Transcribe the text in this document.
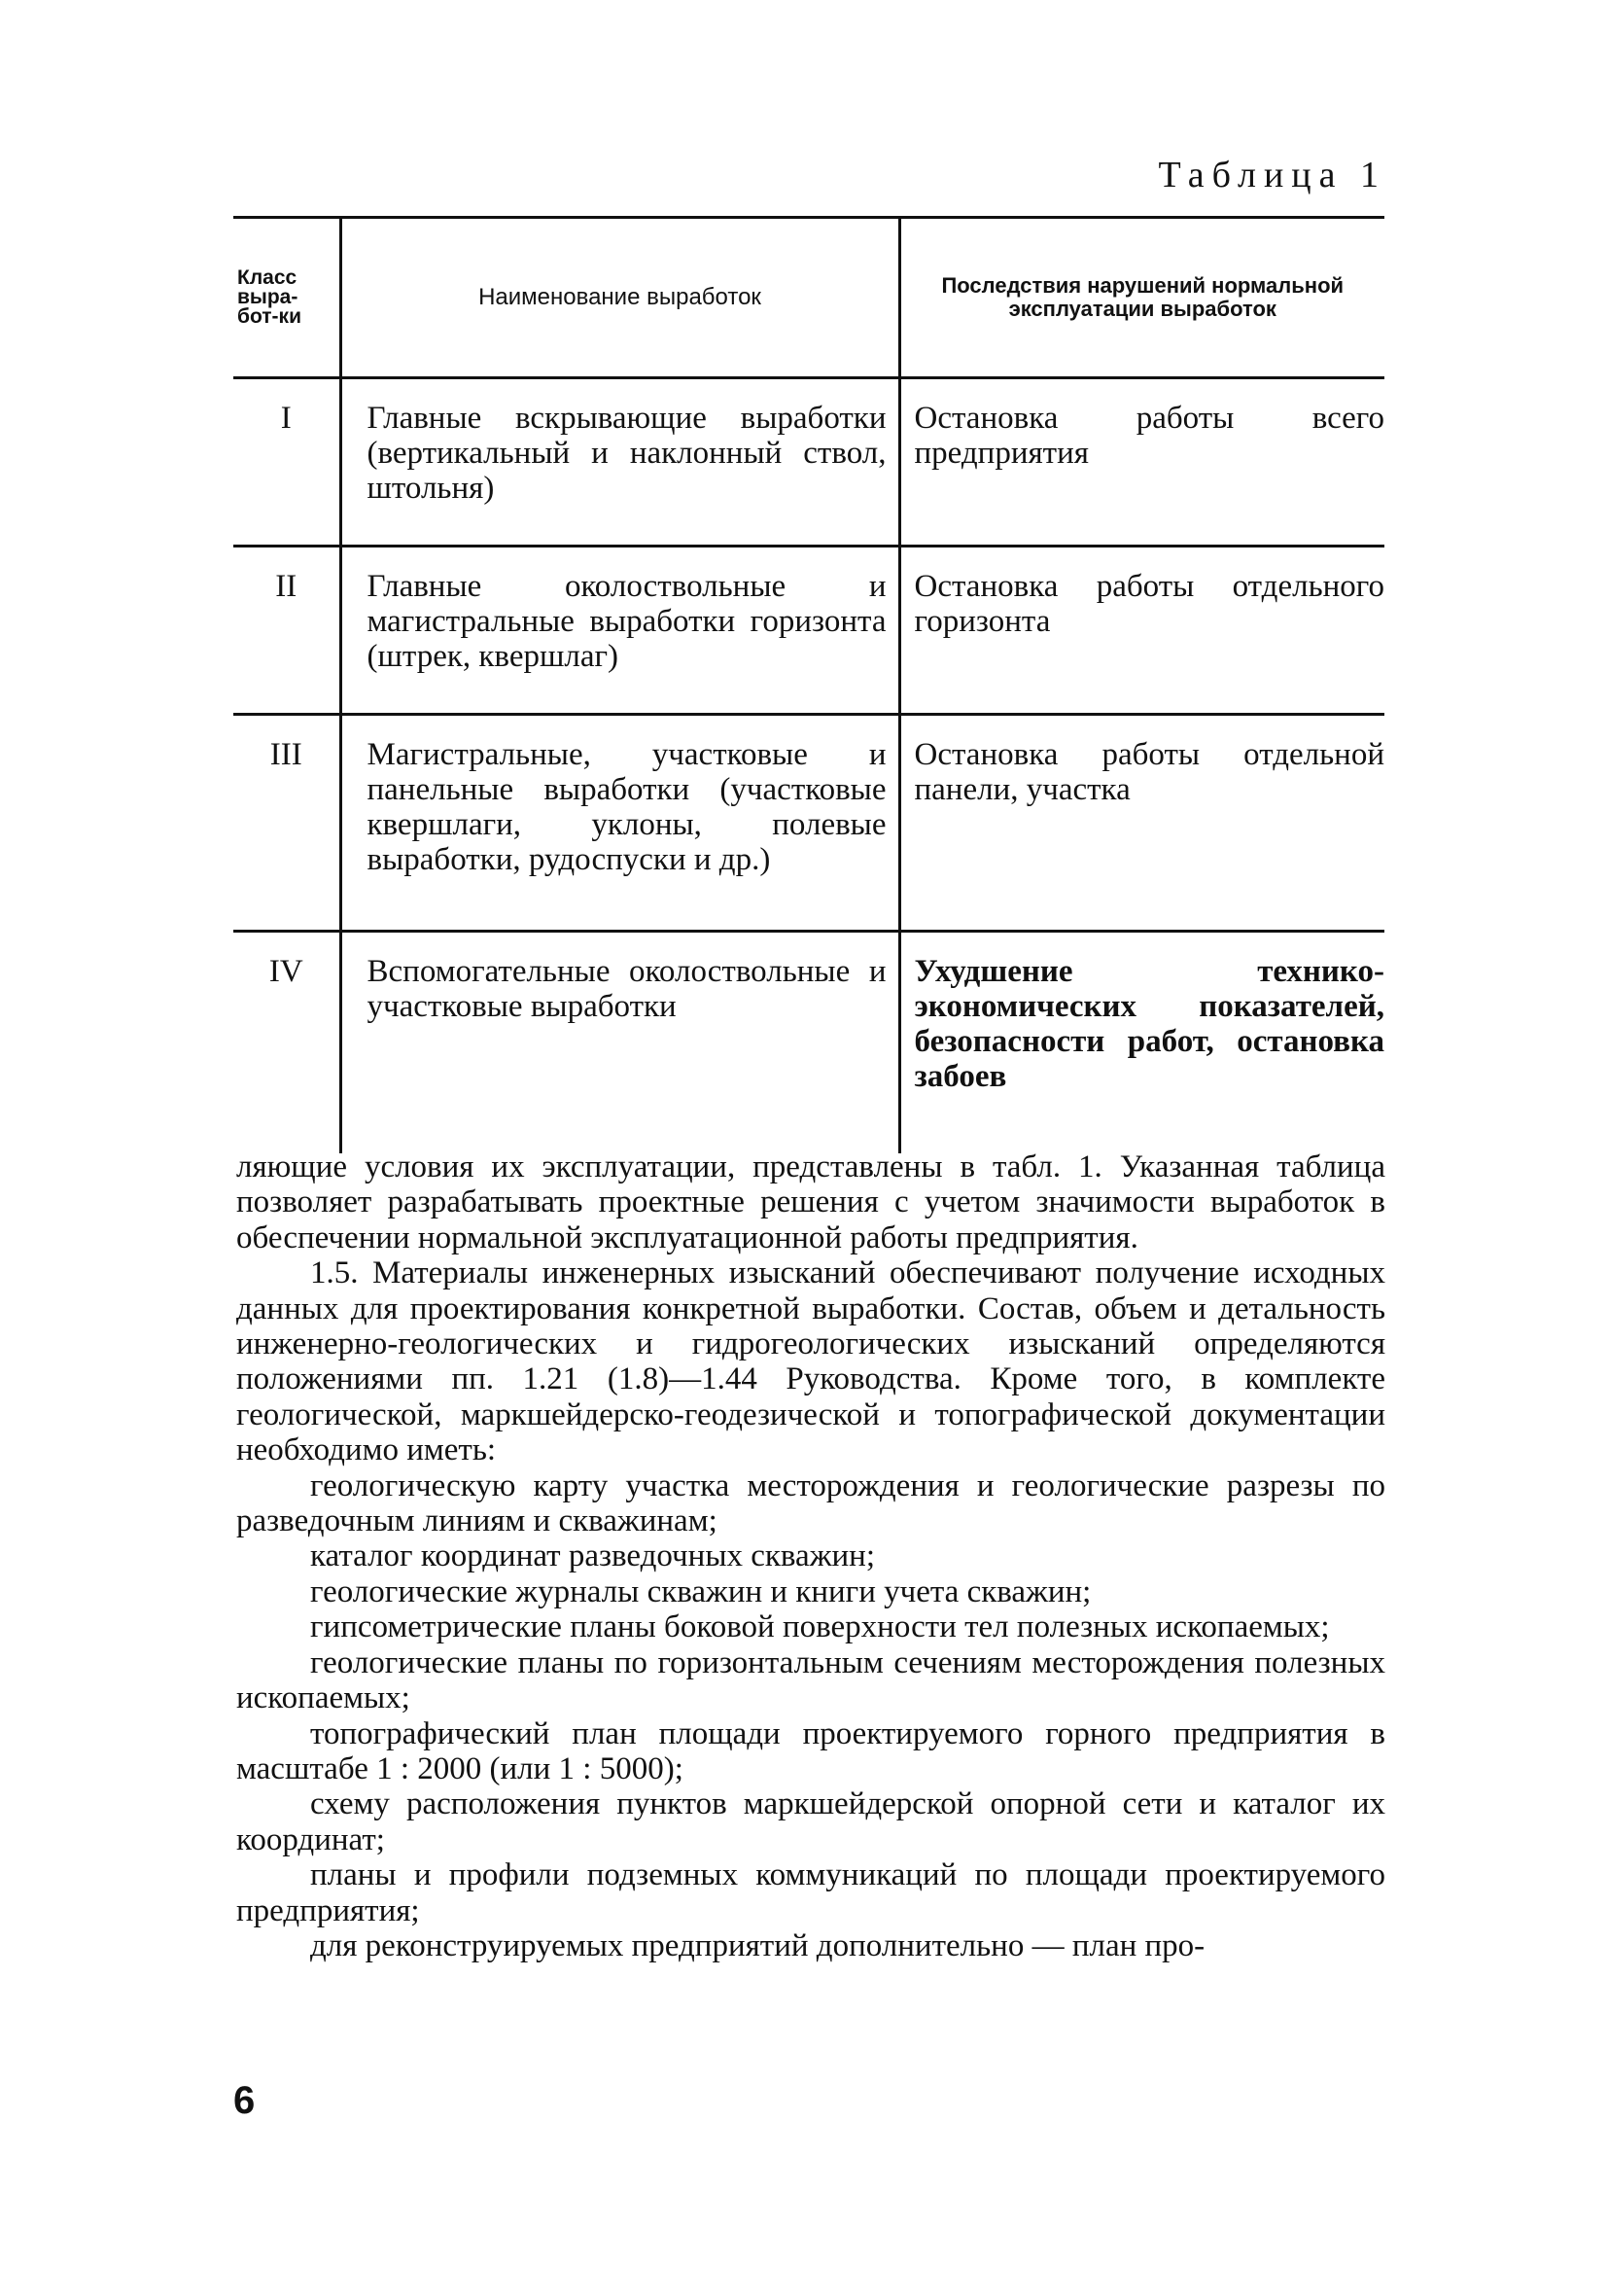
Таблица 1
Класс выра-бот-ки	Наименование выработок	Последствия нарушений нормальной эксплуатации выработок
I	Главные вскрывающие выработки (вертикальный и наклонный ствол, штольня)	Остановка работы всего предприятия
II	Главные околоствольные и магистральные выработки горизонта (штрек, квершлаг)	Остановка работы отдельного горизонта
III	Магистральные, участковые и панельные выработки (участковые квершлаги, уклоны, полевые выработки, рудоспуски и др.)	Остановка работы отдельной панели, участка
IV	Вспомогательные околоствольные и участковые выработки	Ухудшение технико-экономических показателей, безопасности работ, остановка забоев

ляющие условия их эксплуатации, представлены в табл. 1. Указанная таблица позволяет разрабатывать проектные решения с учетом значимости выработок в обеспечении нормальной эксплуатационной работы предприятия.

1.5. Материалы инженерных изысканий обеспечивают получение исходных данных для проектирования конкретной выработки. Состав, объем и детальность инженерно-геологических и гидрогеологических изысканий определяются положениями пп. 1.21 (1.8)—1.44 Руководства. Кроме того, в комплекте геологической, маркшейдерско-геодезической и топографической документации необходимо иметь:

геологическую карту участка месторождения и геологические разрезы по разведочным линиям и скважинам;

каталог координат разведочных скважин;

геологические журналы скважин и книги учета скважин;

гипсометрические планы боковой поверхности тел полезных ископаемых;

геологические планы по горизонтальным сечениям месторождения полезных ископаемых;

топографический план площади проектируемого горного предприятия в масштабе 1 : 2000 (или 1 : 5000);

схему расположения пунктов маркшейдерской опорной сети и каталог их координат;

планы и профили подземных коммуникаций по площади проектируемого предприятия;

для реконструируемых предприятий дополнительно — план про-

6
